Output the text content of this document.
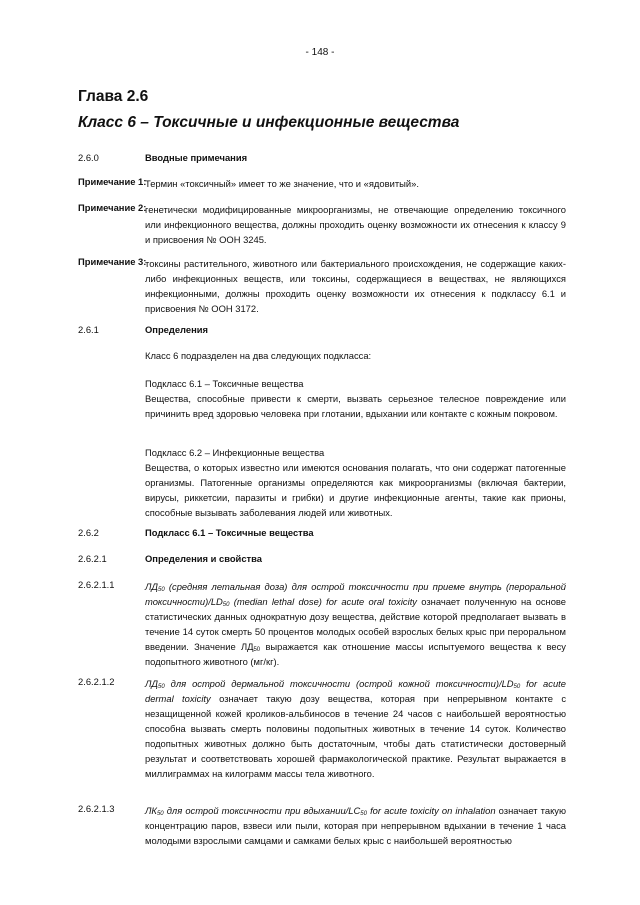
- 148 -
Глава 2.6
Класс 6 – Токсичные и инфекционные вещества
2.6.0	Вводные примечания
Примечание 1:
Термин «токсичный» имеет то же значение, что и «ядовитый».
Примечание 2:
генетически модифицированные микроорганизмы, не отвечающие определению токсичного или инфекционного вещества, должны проходить оценку возможности их отнесения к классу 9 и присвоения № ООН 3245.
Примечание 3:
токсины растительного, животного или бактериального происхождения, не содержащие каких-либо инфекционных веществ, или токсины, содержащиеся в веществах, не являющихся инфекционными, должны проходить оценку возможности их отнесения к подклассу 6.1 и присвоения № ООН 3172.
2.6.1	Определения
Класс 6 подразделен на два следующих подкласса:

Подкласс 6.1 – Токсичные вещества

Вещества, способные привести к смерти, вызвать серьезное телесное повреждение или причинить вред здоровью человека при глотании, вдыхании или контакте с кожным покровом.

Подкласс 6.2 – Инфекционные вещества

Вещества, о которых известно или имеются основания полагать, что они содержат патогенные организмы. Патогенные организмы определяются как микроорганизмы (включая бактерии, вирусы, риккетсии, паразиты и грибки) и другие инфекционные агенты, такие как прионы, способные вызывать заболевания людей или животных.

2.6.2	Подкласс 6.1 – Токсичные вещества
2.6.2.1	Определения и свойства
2.6.2.1.1	$ЛД_{50}$ (средняя летальная доза) для острой токсичности при приеме внутрь (пероральной $токсичности)/LD_{50}$ (median lethal dose) for acute oral toxicity означает полученную на основе статистических данных однократную дозу вещества, действие которой предполагает вызвать в течение 14 суток смерть 50 процентов молодых особей взрослых белых крыс при пероральном введении. Значение $ЛД_{50}$ выражается как отношение массы испытуемого вещества к весу подопытного животного (мг/кг).
2.6.2.1.2	$ЛД_{50}$ для острой дермальной токсичности (острой кожной $токсичности)/LD_{50}$ for acute dermal toxicity означает такую дозу вещества, которая при непрерывном контакте с незащищенной кожей кроликов-альбиносов в течение 24 часов с наибольшей вероятностью способна вызвать смерть половины подопытных животных в течение 14 суток. Количество подопытных животных должно быть достаточным, чтобы дать статистически достоверный результат и соответствовать хорошей фармакологической практике. Результат выражается в миллиграммах на килограмм массы тела животного.
2.6.2.1.3	$ЛК_{50}$ для острой токсичности при вдыхании/$LC_{50}$ for acute toxicity on inhalation означает такую концентрацию паров, взвеси или пыли, которая при непрерывном вдыхании в течение 1 часа молодыми взрослыми самцами и самками белых крыс с наибольшей вероятностью
